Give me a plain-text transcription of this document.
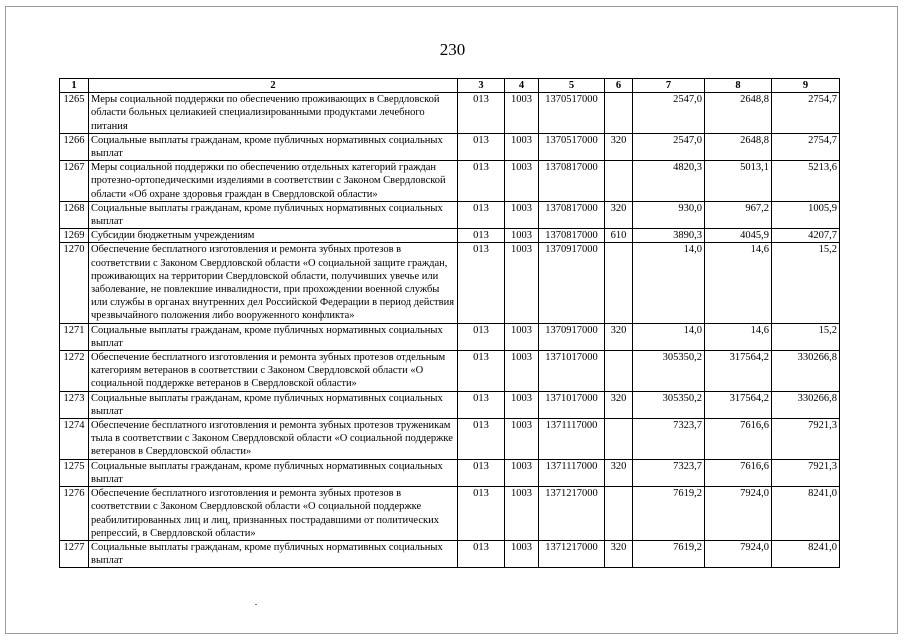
230
1	2	3	4	5	6	7	8	9
1265	Меры социальной поддержки по обеспечению проживающих в Свердловской области больных целиакией специализированными продуктами лечебного питания	013	1003	1370517000		2547,0	2648,8	2754,7
1266	Социальные выплаты гражданам, кроме публичных нормативных социальных выплат	013	1003	1370517000	320	2547,0	2648,8	2754,7
1267	Меры социальной поддержки по обеспечению отдельных категорий граждан протезно-ортопедическими изделиями в соответствии с Законом Свердловской области «Об охране здоровья граждан в Свердловской области»	013	1003	1370817000		4820,3	5013,1	5213,6
1268	Социальные выплаты гражданам, кроме публичных нормативных социальных выплат	013	1003	1370817000	320	930,0	967,2	1005,9
1269	Субсидии бюджетным учреждениям	013	1003	1370817000	610	3890,3	4045,9	4207,7
1270	Обеспечение бесплатного изготовления и ремонта зубных протезов в соответствии с Законом Свердловской области «О социальной защите граждан, проживающих на территории Свердловской области, получивших увечье или заболевание, не повлекшие инвалидности, при прохождении военной службы или службы в органах внутренних дел Российской Федерации в период действия чрезвычайного положения либо вооруженного конфликта»	013	1003	1370917000		14,0	14,6	15,2
1271	Социальные выплаты гражданам, кроме публичных нормативных социальных выплат	013	1003	1370917000	320	14,0	14,6	15,2
1272	Обеспечение бесплатного изготовления и ремонта зубных протезов отдельным категориям ветеранов в соответствии с Законом Свердловской области «О социальной поддержке ветеранов в Свердловской области»	013	1003	1371017000		305350,2	317564,2	330266,8
1273	Социальные выплаты гражданам, кроме публичных нормативных социальных выплат	013	1003	1371017000	320	305350,2	317564,2	330266,8
1274	Обеспечение бесплатного изготовления и ремонта зубных протезов труженикам тыла в соответствии с Законом Свердловской области «О социальной поддержке ветеранов в Свердловской области»	013	1003	1371117000		7323,7	7616,6	7921,3
1275	Социальные выплаты гражданам, кроме публичных нормативных социальных выплат	013	1003	1371117000	320	7323,7	7616,6	7921,3
1276	Обеспечение бесплатного изготовления и ремонта зубных протезов в соответствии с Законом Свердловской области «О социальной поддержке реабилитированных лиц и лиц, признанных пострадавшими от политических репрессий, в Свердловской области»	013	1003	1371217000		7619,2	7924,0	8241,0
1277	Социальные выплаты гражданам, кроме публичных нормативных социальных выплат	013	1003	1371217000	320	7619,2	7924,0	8241,0
